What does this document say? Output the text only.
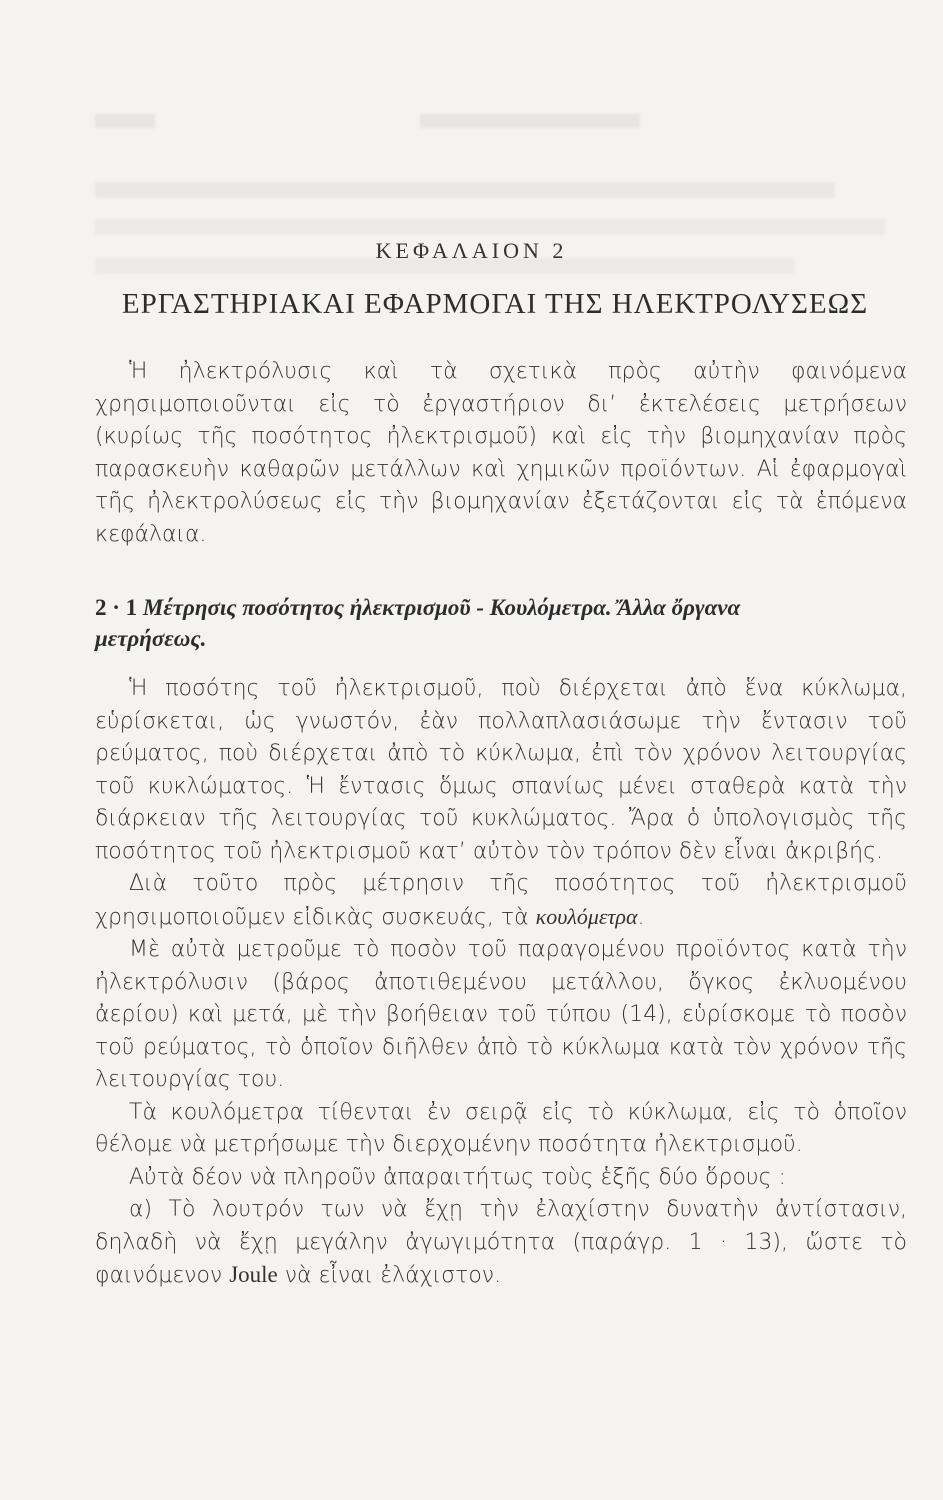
ΚΕΦΑΛΑΙΟΝ 2
ΕΡΓΑΣΤΗΡΙΑΚΑΙ ΕΦΑΡΜΟΓΑΙ ΤΗΣ ΗΛΕΚΤΡΟΛΥΣΕΩΣ

Ἡ ἠλεκτρόλυσις καὶ τὰ σχετικὰ πρὸς αὐτὴν φαινόμενα χρησιμοποιοῦνται εἰς τὸ ἐργαστήριον δι’ ἐκτελέσεις μετρήσεων (κυρίως τῆς ποσότητος ἠλεκτρισμοῦ) καὶ εἰς τὴν βιομηχανίαν πρὸς παρασκευὴν καθαρῶν μετάλλων καὶ χημικῶν προϊόντων. Αἱ ἐφαρμογαὶ τῆς ἠλεκτρολύσεως εἰς τὴν βιομηχανίαν ἐξετάζονται εἰς τὰ ἑπόμενα κεφάλαια.

2 · 1 Μέτρησις ποσότητος ἠλεκτρισμοῦ - Κουλόμετρα. Ἄλλα ὄργανα
μετρήσεως.

Ἡ ποσότης τοῦ ἠλεκτρισμοῦ, ποὺ διέρχεται ἀπὸ ἕνα κύκλωμα, εὑρίσκεται, ὡς γνωστόν, ἐὰν πολλαπλασιάσωμε τὴν ἔντασιν τοῦ ρεύματος, ποὺ διέρχεται ἀπὸ τὸ κύκλωμα, ἐπὶ τὸν χρόνον λειτουργίας τοῦ κυκλώματος. Ἡ ἔντασις ὅμως σπανίως μένει σταθερὰ κατὰ τὴν διάρκειαν τῆς λειτουργίας τοῦ κυκλώματος. Ἄρα ὁ ὑπολογισμὸς τῆς ποσότητος τοῦ ἠλεκτρισμοῦ κατ’ αὐτὸν τὸν τρόπον δὲν εἶναι ἀκριβής.

Διὰ τοῦτο πρὸς μέτρησιν τῆς ποσότητος τοῦ ἠλεκτρισμοῦ χρησιμοποιοῦμεν εἰδικὰς συσκευάς, τὰ κουλόμετρα.

Μὲ αὐτὰ μετροῦμε τὸ ποσὸν τοῦ παραγομένου προϊόντος κατὰ τὴν ἠλεκτρόλυσιν (βάρος ἀποτιθεμένου μετάλλου, ὄγκος ἐκλυομένου ἀερίου) καὶ μετά, μὲ τὴν βοήθειαν τοῦ τύπου (14), εὑρίσκομε τὸ ποσὸν τοῦ ρεύματος, τὸ ὁποῖον διῆλθεν ἀπὸ τὸ κύκλωμα κατὰ τὸν χρόνον τῆς λειτουργίας του.

Τὰ κουλόμετρα τίθενται ἐν σειρᾷ εἰς τὸ κύκλωμα, εἰς τὸ ὁποῖον θέλομε νὰ μετρήσωμε τὴν διερχομένην ποσότητα ἠλεκτρισμοῦ.

Αὐτὰ δέον νὰ πληροῦν ἀπαραιτήτως τοὺς ἑξῆς δύο ὅρους :

α) Τὸ λουτρόν των νὰ ἔχῃ τὴν ἐλαχίστην δυνατὴν ἀντίστασιν, δηλαδὴ νὰ ἔχῃ μεγάλην ἀγωγιμότητα (παράγρ. 1 · 13), ὥστε τὸ φαινόμενον Joule νὰ εἶναι ἐλάχιστον.
